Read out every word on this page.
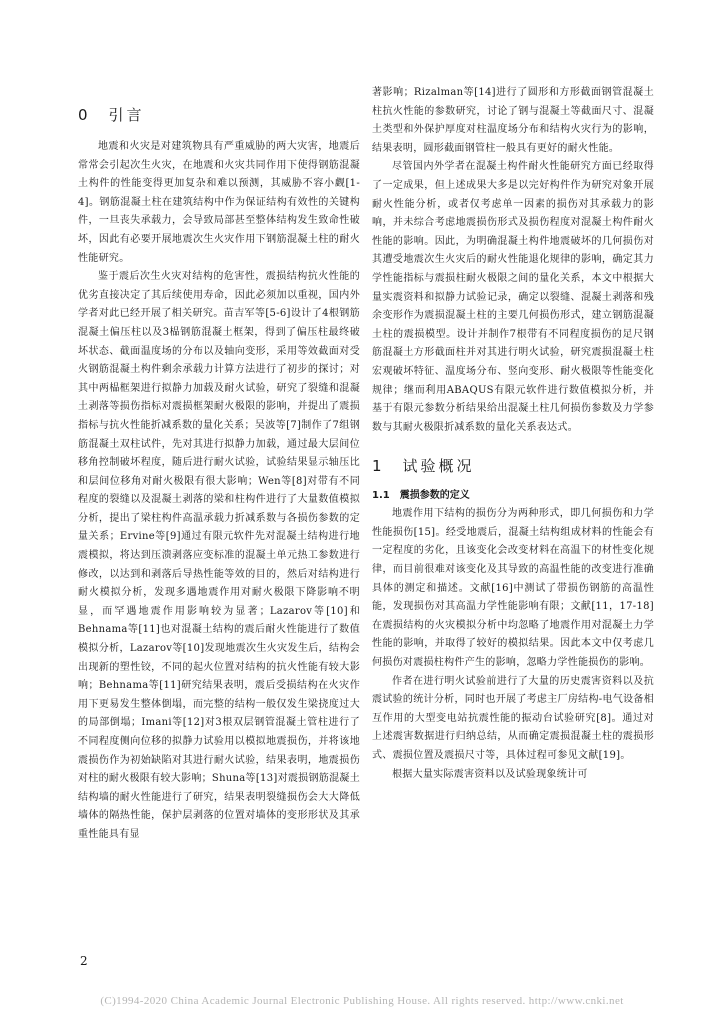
0　引言

地震和火灾是对建筑物具有严重威胁的两大灾害，地震后常常会引起次生火灾，在地震和火灾共同作用下使得钢筋混凝土构件的性能变得更加复杂和难以预测，其威胁不容小觑[1-4]。钢筋混凝土柱在建筑结构中作为保证结构有效性的关键构件，一旦丧失承载力，会导致局部甚至整体结构发生致命性破坏，因此有必要开展地震次生火灾作用下钢筋混凝土柱的耐火性能研究。

鉴于震后次生火灾对结构的危害性，震损结构抗火性能的优劣直接决定了其后续使用寿命，因此必须加以重视，国内外学者对此已经开展了相关研究。苗吉军等[5-6]设计了4根钢筋混凝土偏压柱以及3榀钢筋混凝土框架，得到了偏压柱最终破坏状态、截面温度场的分布以及轴向变形，采用等效截面对受火钢筋混凝土构件剩余承载力计算方法进行了初步的探讨；对其中两榀框架进行拟静力加载及耐火试验，研究了裂缝和混凝土剥落等损伤指标对震损框架耐火极限的影响，并提出了震损指标与抗火性能折减系数的量化关系；吴波等[7]制作了7组钢筋混凝土双柱试件，先对其进行拟静力加载，通过最大层间位移角控制破坏程度，随后进行耐火试验，试验结果显示轴压比和层间位移角对耐火极限有很大影响；Wen等[8]对带有不同程度的裂缝以及混凝土剥落的梁和柱构件进行了大量数值模拟分析，提出了梁柱构件高温承载力折减系数与各损伤参数的定量关系；Ervine等[9]通过有限元软件先对混凝土结构进行地震模拟，将达到压溃剥落应变标准的混凝土单元热工参数进行修改，以达到和剥落后导热性能等效的目的，然后对结构进行耐火模拟分析，发现多遇地震作用对耐火极限下降影响不明显，而罕遇地震作用影响较为显著；Lazarov等[10]和Behnama等[11]也对混凝土结构的震后耐火性能进行了数值模拟分析，Lazarov等[10]发现地震次生火灾发生后，结构会出现新的塑性铰，不同的起火位置对结构的抗火性能有较大影响；Behnama等[11]研究结果表明，震后受损结构在火灾作用下更易发生整体倒塌，而完整的结构一般仅发生梁挠度过大的局部倒塌；Imani等[12]对3根双层钢管混凝土管柱进行了不同程度侧向位移的拟静力试验用以模拟地震损伤，并将该地震损伤作为初始缺陷对其进行耐火试验，结果表明，地震损伤对柱的耐火极限有较大影响；Shuna等[13]对震损钢筋混凝土结构墙的耐火性能进行了研究，结果表明裂缝损伤会大大降低墙体的隔热性能，保护层剥落的位置对墙体的变形形状及其承重性能具有显

著影响；Rizalman等[14]进行了圆形和方形截面钢管混凝土柱抗火性能的参数研究，讨论了钢与混凝土等截面尺寸、混凝土类型和外保护厚度对柱温度场分布和结构火灾行为的影响，结果表明，圆形截面钢管柱一般具有更好的耐火性能。

尽管国内外学者在混凝土构件耐火性能研究方面已经取得了一定成果，但上述成果大多是以完好构件作为研究对象开展耐火性能分析，或者仅考虑单一因素的损伤对其承载力的影响，并未综合考虑地震损伤形式及损伤程度对混凝土构件耐火性能的影响。因此，为明确混凝土构件地震破坏的几何损伤对其遭受地震次生火灾后的耐火性能退化规律的影响，确定其力学性能指标与震损柱耐火极限之间的量化关系，本文中根据大量实震资料和拟静力试验记录，确定以裂缝、混凝土剥落和残余变形作为震损混凝土柱的主要几何损伤形式，建立钢筋混凝土柱的震损模型。设计并制作7根带有不同程度损伤的足尺钢筋混凝土方形截面柱并对其进行明火试验，研究震损混凝土柱宏观破坏特征、温度场分布、竖向变形、耐火极限等性能变化规律；继而利用ABAQUS有限元软件进行数值模拟分析，并基于有限元参数分析结果给出混凝土柱几何损伤参数及力学参数与其耐火极限折减系数的量化关系表达式。

1　试验概况
1.1　震损参数的定义

地震作用下结构的损伤分为两种形式，即几何损伤和力学性能损伤[15]。经受地震后，混凝土结构组成材料的性能会有一定程度的劣化，且该变化会改变材料在高温下的材性变化规律，而目前很难对该变化及其导致的高温性能的改变进行准确具体的测定和描述。文献[16]中测试了带损伤钢筋的高温性能，发现损伤对其高温力学性能影响有限；文献[11，17-18]在震损结构的火灾模拟分析中均忽略了地震作用对混凝土力学性能的影响，并取得了较好的模拟结果。因此本文中仅考虑几何损伤对震损柱构件产生的影响，忽略力学性能损伤的影响。

作者在进行明火试验前进行了大量的历史震害资料以及抗震试验的统计分析，同时也开展了考虑主厂房结构-电气设备相互作用的大型变电站抗震性能的振动台试验研究[8]。通过对上述震害数据进行归纳总结，从而确定震损混凝土柱的震损形式、震损位置及震损尺寸等，具体过程可参见文献[19]。

根据大量实际震害资料以及试验现象统计可

2
(C)1994-2020 China Academic Journal Electronic Publishing House. All rights reserved. http://www.cnki.net
